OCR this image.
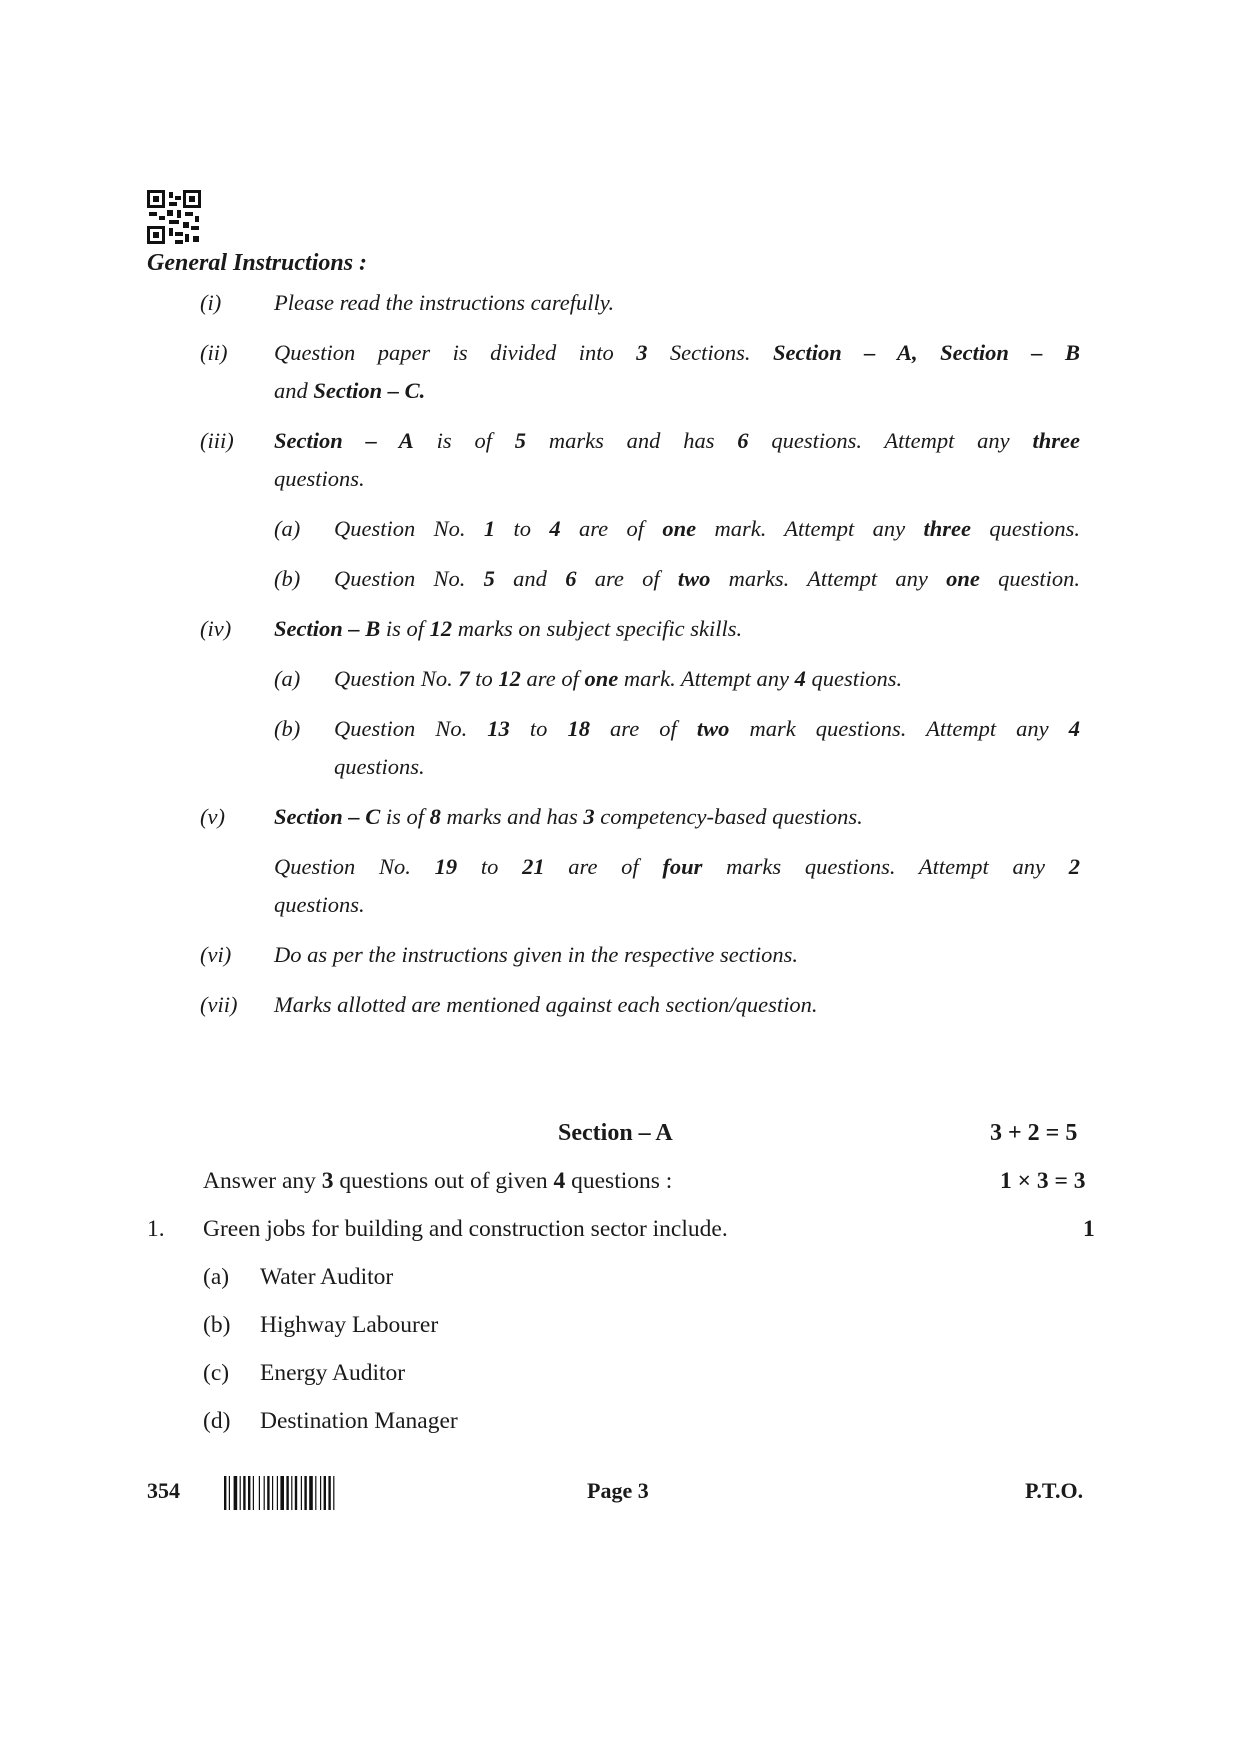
General Instructions :
(i) Please read the instructions carefully.
(ii) Question paper is divided into 3 Sections. Section – A, Section – B
and Section – C.
(iii) Section – A is of 5 marks and has 6 questions. Attempt any three
questions.
(a) Question No. 1 to 4 are of one mark. Attempt any three questions.
(b) Question No. 5 and 6 are of two marks. Attempt any one question.
(iv) Section – B is of 12 marks on subject specific skills.
(a) Question No. 7 to 12 are of one mark. Attempt any 4 questions.
(b) Question No. 13 to 18 are of two mark questions. Attempt any 4
questions.
(v) Section – C is of 8 marks and has 3 competency-based questions.
Question No. 19 to 21 are of four marks questions. Attempt any 2
questions.
(vi) Do as per the instructions given in the respective sections.
(vii) Marks allotted are mentioned against each section/question.
Section – A	3 + 2 = 5
Answer any 3 questions out of given 4 questions :	1 × 3 = 3
1. Green jobs for building and construction sector include.	1
(a) Water Auditor
(b) Highway Labourer
(c) Energy Auditor
(d) Destination Manager
354	Page 3	P.T.O.
